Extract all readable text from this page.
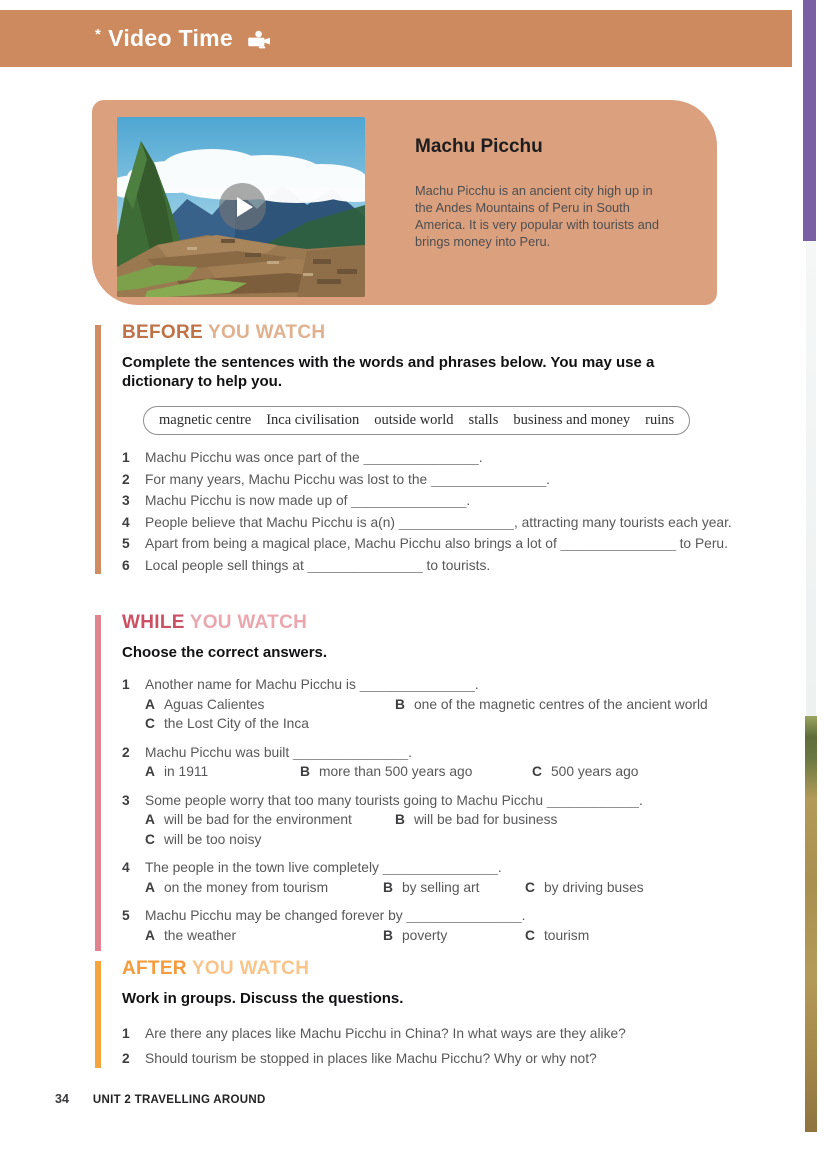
* Video Time
Machu Picchu

Machu Picchu is an ancient city high up in the Andes Mountains of Peru in South America. It is very popular with tourists and brings money into Peru.

BEFORE YOU WATCH

Complete the sentences with the words and phrases below. You may use a dictionary to help you.

magnetic centre Inca civilisation outside world stalls business and money ruins
1	Machu Picchu was once part of the _______________.
2	For many years, Machu Picchu was lost to the _______________.
3	Machu Picchu is now made up of _______________.
4	People believe that Machu Picchu is a(n) _______________, attracting many tourists each year.
5	Apart from being a magical place, Machu Picchu also brings a lot of _______________ to Peru.
6	Local people sell things at _______________ to tourists.
WHILE YOU WATCH

Choose the correct answers.

1	Another name for Machu Picchu is _______________.
A Aguas Calientes	B one of the magnetic centres of the ancient world
C the Lost City of the Inca
2	Machu Picchu was built _______________.
A in 1911	B more than 500 years ago	C 500 years ago
3	Some people worry that too many tourists going to Machu Picchu ____________.
A will be bad for the environment	B will be bad for business
C will be too noisy
4	The people in the town live completely _______________.
A on the money from tourism	B by selling art	C by driving buses
5	Machu Picchu may be changed forever by _______________.
A the weather	B poverty	C tourism
AFTER YOU WATCH

Work in groups. Discuss the questions.

1	Are there any places like Machu Picchu in China? In what ways are they alike?
2	Should tourism be stopped in places like Machu Picchu? Why or why not?
34 UNIT 2 TRAVELLING AROUND
